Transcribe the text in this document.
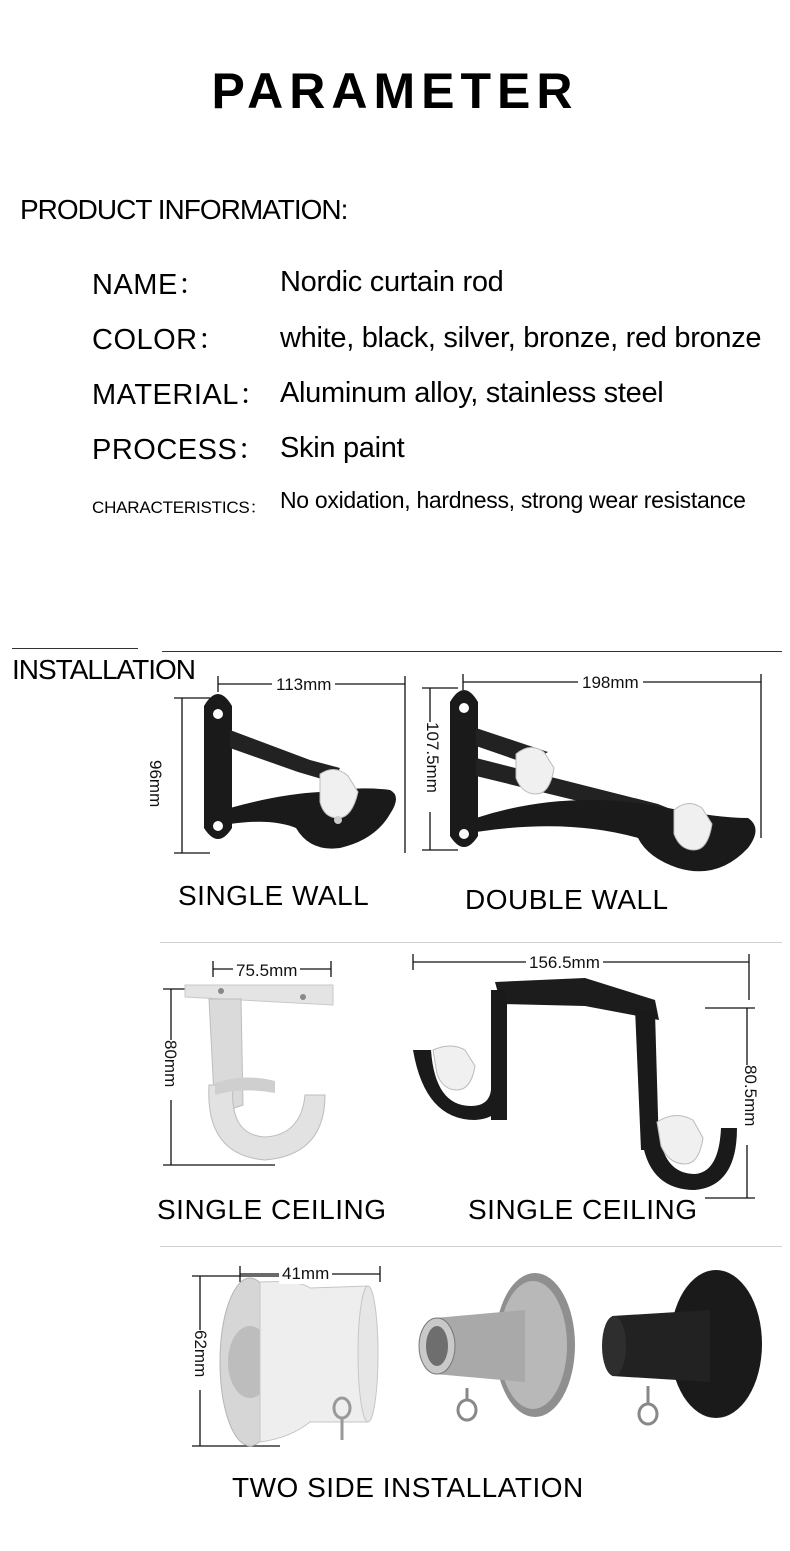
PARAMETER
PRODUCT INFORMATION:
NAME：	Nordic curtain rod
COLOR： white, black, silver, bronze, red bronze
MATERIAL： Aluminum alloy, stainless steel
PROCESS： Skin paint
CHARACTERISTICS： No oxidation, hardness, strong wear resistance
INSTALLATION	113mm
96mm
SINGLE WALL
198mm
107.5mm
DOUBLE WALL
75.5mm
80mm
SINGLE CEILING
156.5mm
80.5mm
SINGLE CEILING
41mm
62mm
TWO SIDE INSTALLATION
